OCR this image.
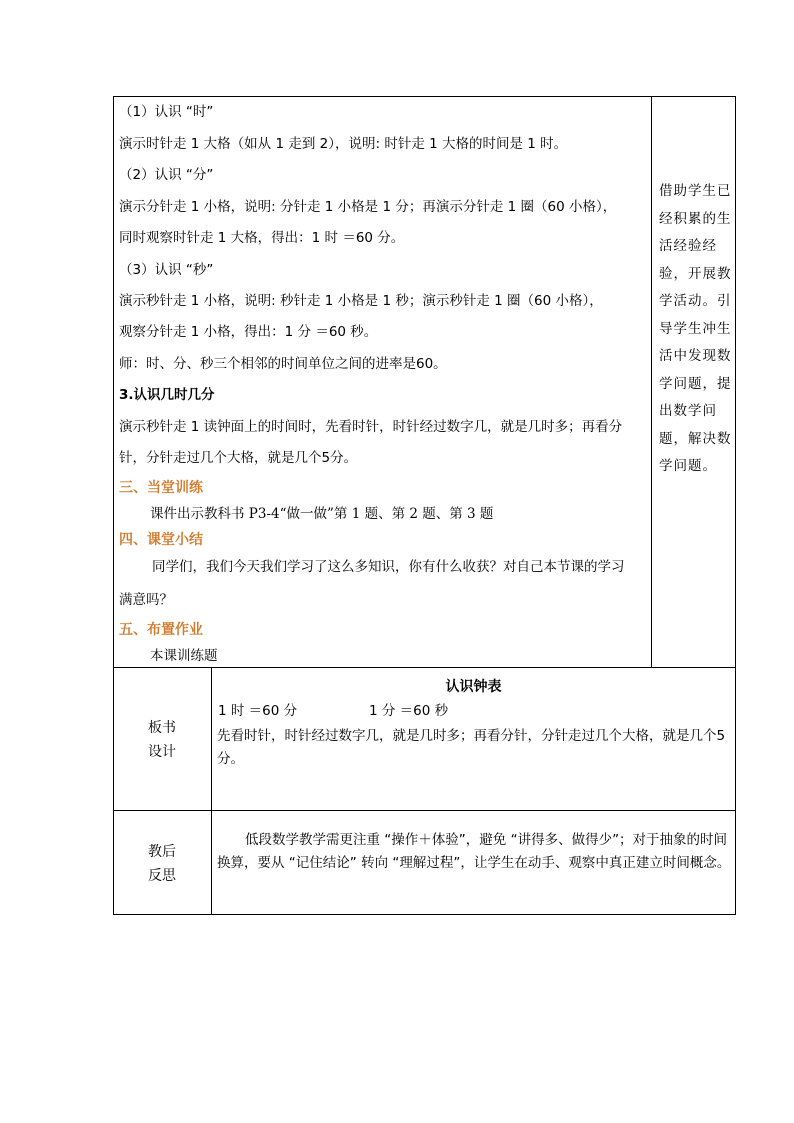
（1）认识 “时”
演示时针走 1 大格（如从 1 走到 2），说明: 时针走 1 大格的时间是 1 时。
（2）认识 “分”
演示分针走 1 小格，说明: 分针走 1 小格是 1 分；再演示分针走 1 圈（60 小格），
同时观察时针走 1 大格，得出：1 时 ＝60 分。
（3）认识 “秒”
演示秒针走 1 小格，说明: 秒针走 1 小格是 1 秒；演示秒针走 1 圈（60 小格），
观察分针走 1 小格，得出：1 分 ＝60 秒。
师：时、分、秒三个相邻的时间单位之间的进率是60。
3.认识几时几分
演示秒针走 1 读钟面上的时间时，先看时针，时针经过数字几，就是几时多；再看分
针，分针走过几个大格，就是几个5分。
三、当堂训练
课件出示教科书 P3-4“做一做”第 1 题、第 2 题、第 3 题
四、课堂小结
同学们，我们今天我们学习了这么多知识，你有什么收获？对自己本节课的学习
满意吗？
五、布置作业
本课训练题
借助学生已经积累的生活经验经验，开展教学活动。引导学生冲生活中发现数学问题，提出数学问题，解决数学问题。
板书
设计
认识钟表
1 时 ＝60 分	1 分 ＝60 秒
先看时针，时针经过数字几，就是几时多；再看分针，分针走过几个大格，就是几个5分。
教后
反思
低段数学教学需更注重 “操作＋体验”，避免 “讲得多、做得少”；对于抽象的时间换算，要从 “记住结论” 转向 “理解过程”，让学生在动手、观察中真正建立时间概念。
